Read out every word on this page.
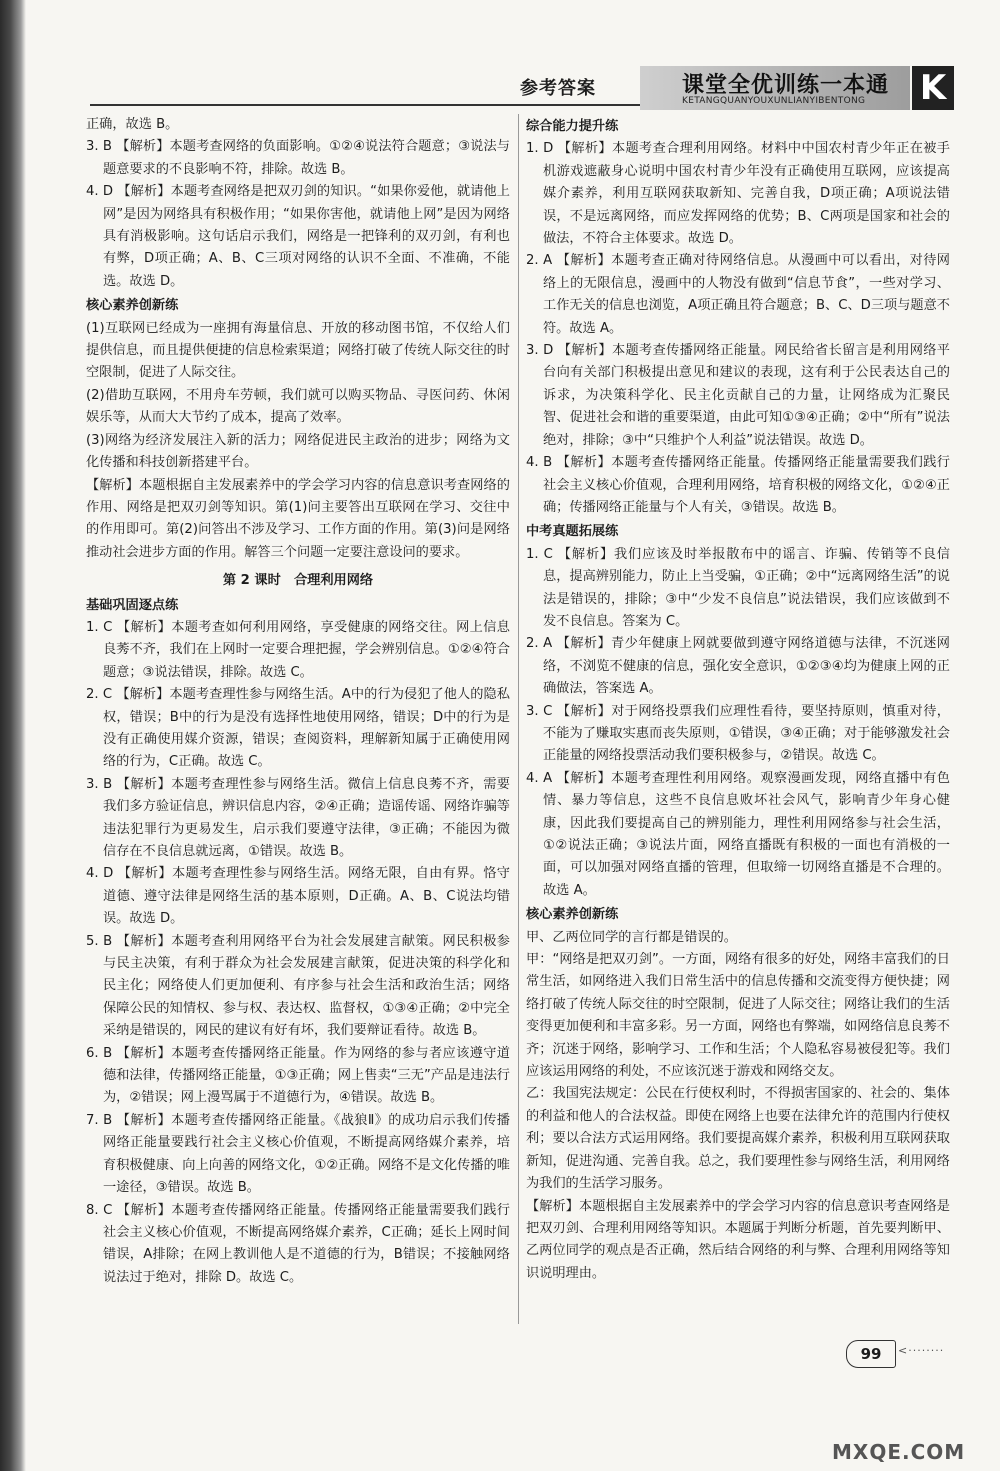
参考答案	课堂全优训练一本通
KETANGQUANYOUXUNLIANYIBENTONG K

正确，故选 B。

3. B 【解析】本题考查网络的负面影响。①②④说法符合题意；③说法与题意要求的不良影响不符，排除。故选 B。

4. D 【解析】本题考查网络是把双刃剑的知识。“如果你爱他，就请他上网”是因为网络具有积极作用；“如果你害他，就请他上网”是因为网络具有消极影响。这句话启示我们，网络是一把锋利的双刃剑，有利也有弊，D项正确；A、B、C三项对网络的认识不全面、不准确，不能选。故选 D。

核心素养创新练

(1)互联网已经成为一座拥有海量信息、开放的移动图书馆，不仅给人们提供信息，而且提供便捷的信息检索渠道；网络打破了传统人际交往的时空限制，促进了人际交往。

(2)借助互联网，不用舟车劳顿，我们就可以购买物品、寻医问药、休闲娱乐等，从而大大节约了成本，提高了效率。

(3)网络为经济发展注入新的活力；网络促进民主政治的进步；网络为文化传播和科技创新搭建平台。

【解析】本题根据自主发展素养中的学会学习内容的信息意识考查网络的作用、网络是把双刃剑等知识。第(1)问主要答出互联网在学习、交往中的作用即可。第(2)问答出不涉及学习、工作方面的作用。第(3)问是网络推动社会进步方面的作用。解答三个问题一定要注意设问的要求。

第 2 课时　合理利用网络

基础巩固逐点练

1. C 【解析】本题考查如何利用网络，享受健康的网络交往。网上信息良莠不齐，我们在上网时一定要合理把握，学会辨别信息。①②④符合题意；③说法错误，排除。故选 C。

2. C 【解析】本题考查理性参与网络生活。A中的行为侵犯了他人的隐私权，错误；B中的行为是没有选择性地使用网络，错误；D中的行为是没有正确使用媒介资源，错误；查阅资料，理解新知属于正确使用网络的行为，C正确。故选 C。

3. B 【解析】本题考查理性参与网络生活。微信上信息良莠不齐，需要我们多方验证信息，辨识信息内容，②④正确；造谣传谣、网络诈骗等违法犯罪行为更易发生，启示我们要遵守法律，③正确；不能因为微信存在不良信息就远离，①错误。故选 B。

4. D 【解析】本题考查理性参与网络生活。网络无限，自由有界。恪守道德、遵守法律是网络生活的基本原则，D正确。A、B、C说法均错误。故选 D。

5. B 【解析】本题考查利用网络平台为社会发展建言献策。网民积极参与民主决策，有利于群众为社会发展建言献策，促进决策的科学化和民主化；网络使人们更加便利、有序参与社会生活和政治生活；网络保障公民的知情权、参与权、表达权、监督权，①③④正确；②中完全采纳是错误的，网民的建议有好有坏，我们要辩证看待。故选 B。

6. B 【解析】本题考查传播网络正能量。作为网络的参与者应该遵守道德和法律，传播网络正能量，①③正确；网上售卖“三无”产品是违法行为，②错误；网上漫骂属于不道德行为，④错误。故选 B。

7. B 【解析】本题考查传播网络正能量。《战狼Ⅱ》的成功启示我们传播网络正能量要践行社会主义核心价值观，不断提高网络媒介素养，培育积极健康、向上向善的网络文化，①②正确。网络不是文化传播的唯一途径，③错误。故选 B。

8. C 【解析】本题考查传播网络正能量。传播网络正能量需要我们践行社会主义核心价值观，不断提高网络媒介素养，C正确；延长上网时间错误，A排除；在网上教训他人是不道德的行为，B错误；不接触网络说法过于绝对，排除 D。故选 C。

综合能力提升练

1. D 【解析】本题考查合理利用网络。材料中中国农村青少年正在被手机游戏遮蔽身心说明中国农村青少年没有正确使用互联网，应该提高媒介素养，利用互联网获取新知、完善自我，D项正确；A项说法错误，不是远离网络，而应发挥网络的优势；B、C两项是国家和社会的做法，不符合主体要求。故选 D。

2. A 【解析】本题考查正确对待网络信息。从漫画中可以看出，对待网络上的无限信息，漫画中的人物没有做到“信息节食”，一些对学习、工作无关的信息也浏览，A项正确且符合题意；B、C、D三项与题意不符。故选 A。

3. D 【解析】本题考查传播网络正能量。网民给省长留言是利用网络平台向有关部门积极提出意见和建议的表现，这有利于公民表达自己的诉求，为决策科学化、民主化贡献自己的力量，让网络成为汇聚民智、促进社会和谐的重要渠道，由此可知①③④正确；②中“所有”说法绝对，排除；③中“只维护个人利益”说法错误。故选 D。

4. B 【解析】本题考查传播网络正能量。传播网络正能量需要我们践行社会主义核心价值观，合理利用网络，培育积极的网络文化，①②④正确；传播网络正能量与个人有关，③错误。故选 B。

中考真题拓展练

1. C 【解析】我们应该及时举报散布中的谣言、诈骗、传销等不良信息，提高辨别能力，防止上当受骗，①正确；②中“远离网络生活”的说法是错误的，排除；③中“少发不良信息”说法错误，我们应该做到不发不良信息。答案为 C。

2. A 【解析】青少年健康上网就要做到遵守网络道德与法律，不沉迷网络，不浏览不健康的信息，强化安全意识，①②③④均为健康上网的正确做法，答案选 A。

3. C 【解析】对于网络投票我们应理性看待，要坚持原则，慎重对待，不能为了赚取实惠而丧失原则，①错误，③④正确；对于能够激发社会正能量的网络投票活动我们要积极参与，②错误。故选 C。

4. A 【解析】本题考查理性利用网络。观察漫画发现，网络直播中有色情、暴力等信息，这些不良信息败坏社会风气，影响青少年身心健康，因此我们要提高自己的辨别能力，理性利用网络参与社会生活，①②说法正确；③说法片面，网络直播既有积极的一面也有消极的一面，可以加强对网络直播的管理，但取缔一切网络直播是不合理的。故选 A。

核心素养创新练

甲、乙两位同学的言行都是错误的。

甲：“网络是把双刃剑”。一方面，网络有很多的好处，网络丰富我们的日常生活，如网络进入我们日常生活中的信息传播和交流变得方便快捷；网络打破了传统人际交往的时空限制，促进了人际交往；网络让我们的生活变得更加便利和丰富多彩。另一方面，网络也有弊端，如网络信息良莠不齐；沉迷于网络，影响学习、工作和生活；个人隐私容易被侵犯等。我们应该运用网络的利处，不应该沉迷于游戏和网络交友。

乙：我国宪法规定：公民在行使权利时，不得损害国家的、社会的、集体的利益和他人的合法权益。即使在网络上也要在法律允许的范围内行使权利；要以合法方式运用网络。我们要提高媒介素养，积极利用互联网获取新知，促进沟通、完善自我。总之，我们要理性参与网络生活，利用网络为我们的生活学习服务。

【解析】本题根据自主发展素养中的学会学习内容的信息意识考查网络是把双刃剑、合理利用网络等知识。本题属于判断分析题，首先要判断甲、乙两位同学的观点是否正确，然后结合网络的利与弊、合理利用网络等知识说明理由。

99	<········
MXQE.COM
